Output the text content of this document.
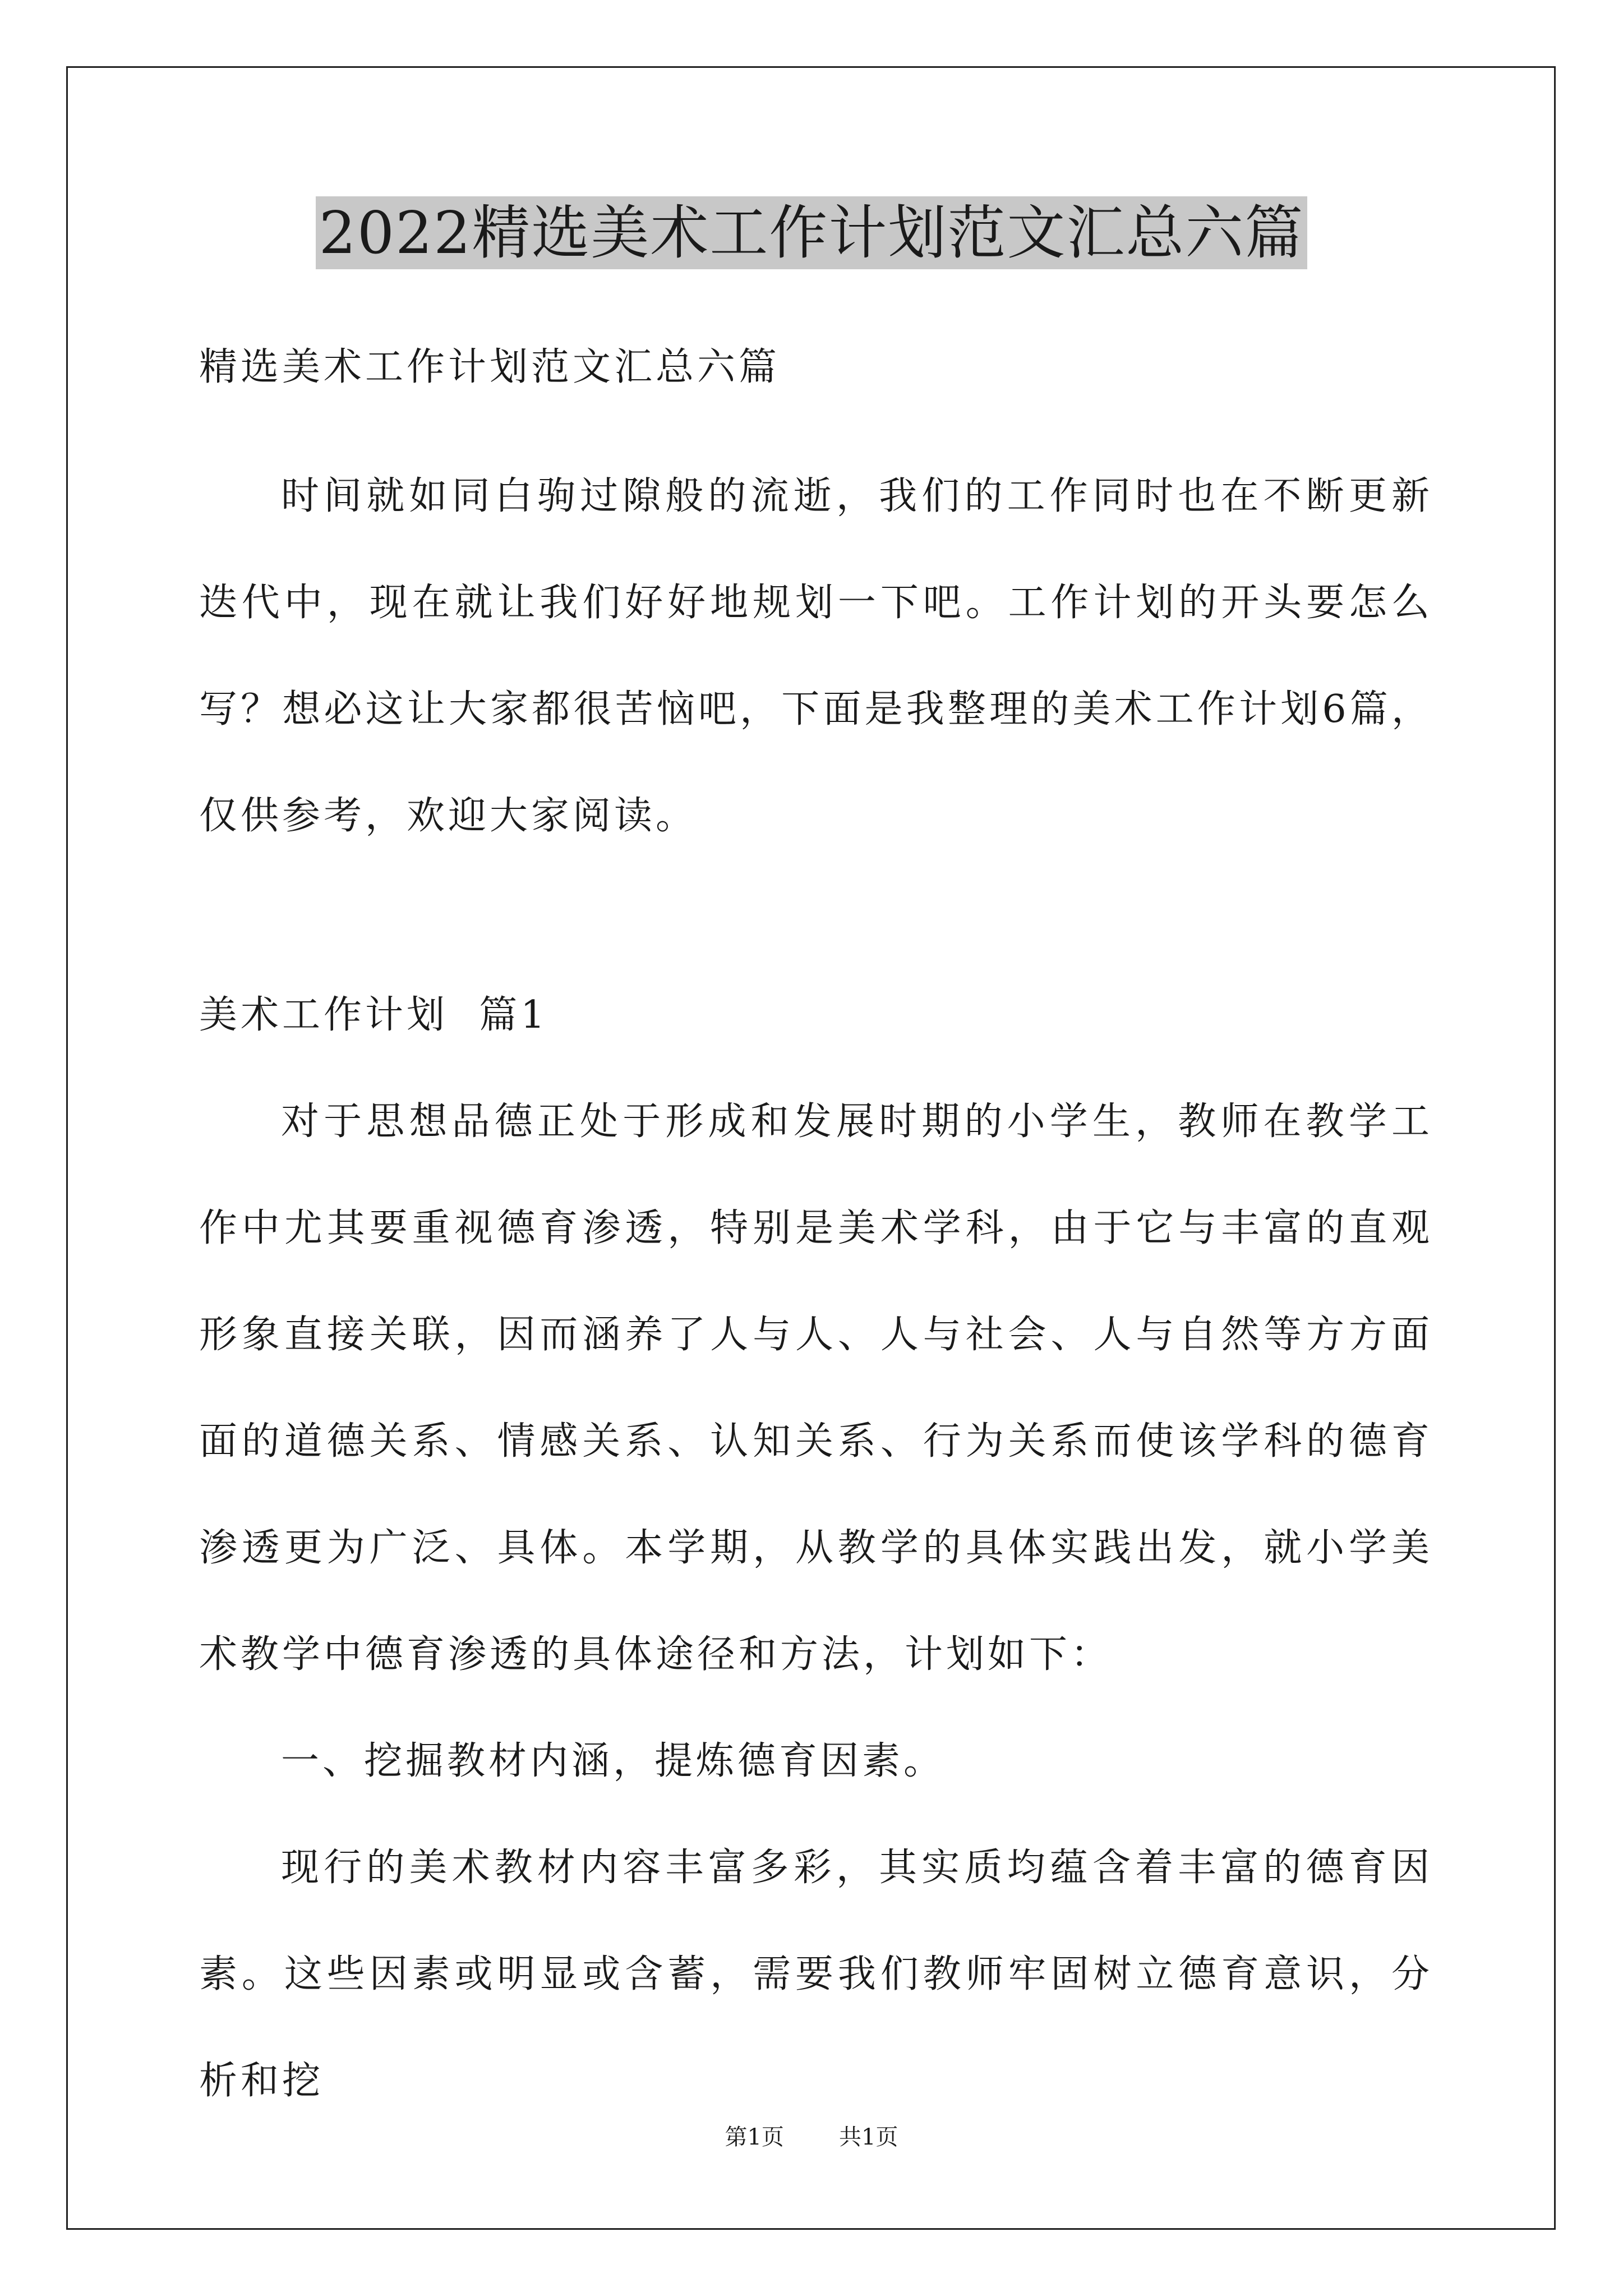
2022精选美术工作计划范文汇总六篇

精选美术工作计划范文汇总六篇

时间就如同白驹过隙般的流逝，我们的工作同时也在不断更新迭代中，现在就让我们好好地规划一下吧。工作计划的开头要怎么写？想必这让大家都很苦恼吧，下面是我整理的美术工作计划6篇，仅供参考，欢迎大家阅读。

美术工作计划  篇1

对于思想品德正处于形成和发展时期的小学生，教师在教学工作中尤其要重视德育渗透，特别是美术学科，由于它与丰富的直观形象直接关联，因而涵养了人与人、人与社会、人与自然等方方面面的道德关系、情感关系、认知关系、行为关系而使该学科的德育渗透更为广泛、具体。本学期，从教学的具体实践出发，就小学美术教学中德育渗透的具体途径和方法，计划如下：

一、挖掘教材内涵，提炼德育因素。

现行的美术教材内容丰富多彩，其实质均蕴含着丰富的德育因素。这些因素或明显或含蓄，需要我们教师牢固树立德育意识，分析和挖

第1页   共1页
